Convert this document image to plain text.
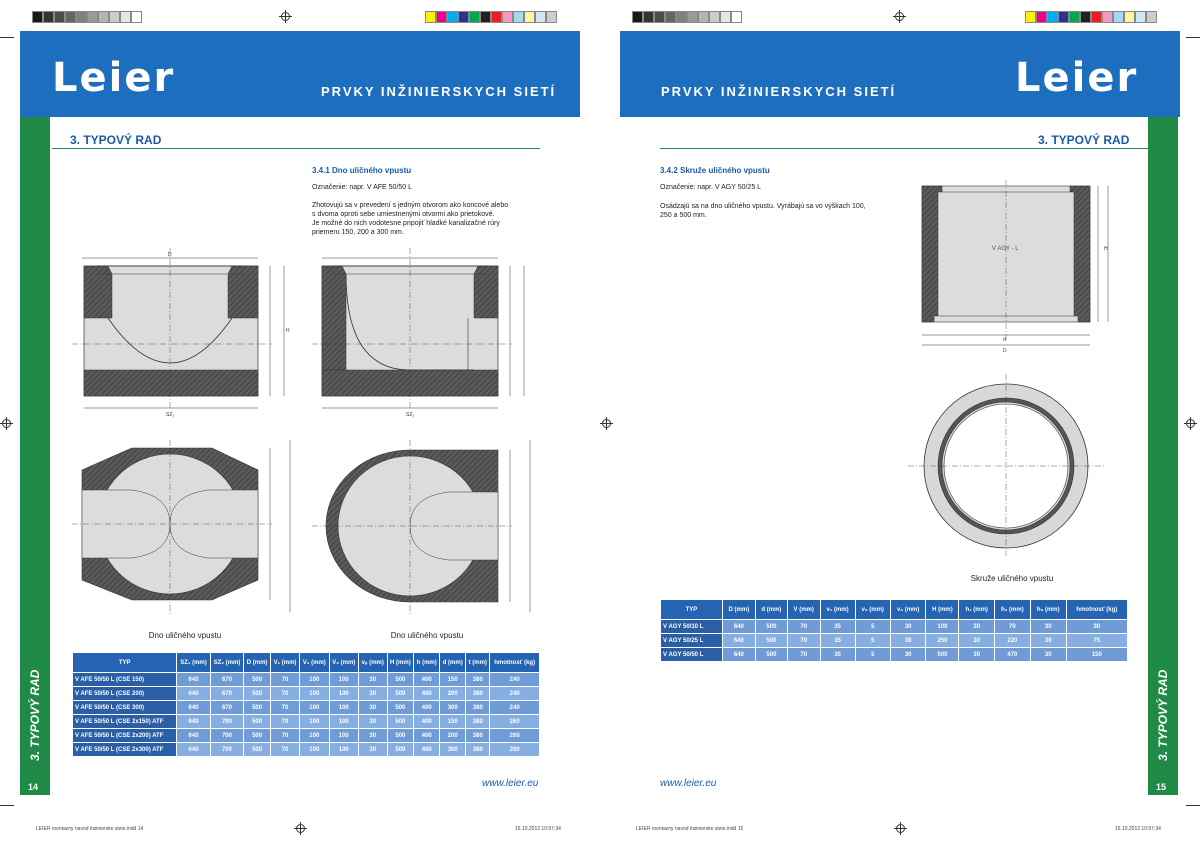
Leier	PRVKY INŽINIERSKYCH SIETÍ
3. TYPOVÝ RAD
14
3. TYPOVÝ RAD
3.4.1 Dno uličného vpustu
Označenie: napr. V AFE 50/50 L
Zhotovujú sa v prevedení s jedným otvorom ako koncové alebo
s dvoma oproti sebe umiestnenými otvormi ako prietokové.
Je možné do nich vodotesne pripojiť hladké kanalizačné rúry
priemeru 150, 200 a 300 mm.
D
H
SZ₁	SZ₂
Dno uličného vpustu	Dno uličného vpustu
TYP	SZ₁ (mm)	SZ₂ (mm)	D (mm)	V₁ (mm)	V₂ (mm)	V₃ (mm)	vₚ (mm)	H (mm)	h (mm)	d (mm)	t (mm)	hmotnosť (kg)
V AFE 50/50 L (CSE 150)	640	670	500	70	100	100	30	500	400	150	380	240
V AFE 50/50 L (CSE 200)	640	670	500	70	100	100	30	500	400	200	380	240
V AFE 50/50 L (CSE 300)	640	670	500	70	100	100	30	500	400	300	380	240
V AFE 50/50 L (CSE 2x150) ATF	640	700	500	70	100	100	30	500	400	150	380	260
V AFE 50/50 L (CSE 2x200) ATF	640	700	500	70	100	100	30	500	400	200	380	260
V AFE 50/50 L (CSE 2x300) ATF	640	700	500	70	100	100	30	500	400	300	380	260
www.leier.eu
LEIER montazny navod inzinierske siete.indd 14	15.10.2012 10:57:34
PRVKY INŽINIERSKYCH SIETÍ	Leier
3. TYPOVÝ RAD
15
3. TYPOVÝ RAD
3.4.2 Skruže uličného vpustu
Označenie: napr. V AGY 50/25 L
Osádzajú sa na dno uličného vpustu. Vyrábajú sa vo výškach 100,
250 a 500 mm.
V AGY - L	H
d
D
Skruže uličného vpustu
TYP	D (mm)	d (mm)	V (mm)	v₁ (mm)	v₂ (mm)	v₃ (mm)	H (mm)	h₁ (mm)	h₂ (mm)	h₃ (mm)	hmotnosť (kg)
V AGY 50/10 L	640	500	70	35	5	30	100	30	70	30	30
V AGY 50/25 L	640	500	70	35	5	30	250	30	220	30	75
V AGY 50/50 L	640	500	70	35	5	30	500	30	470	30	150
www.leier.eu
LEIER montazny navod inzinierske siete.indd 15	15.10.2012 10:57:34
